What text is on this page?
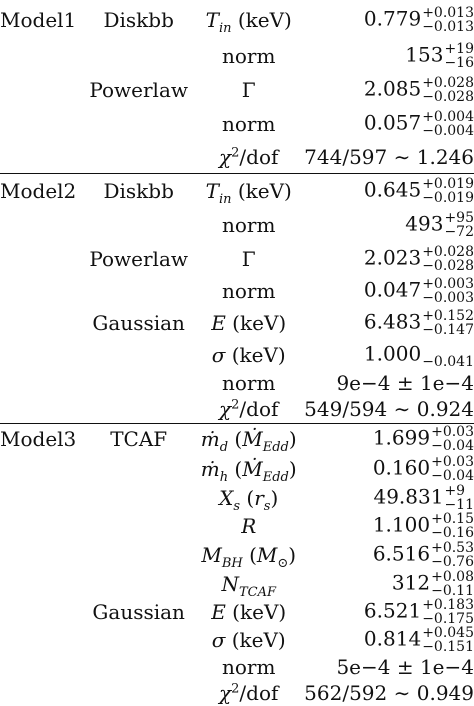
Model1	Diskbb	$T_{in}$ (keV)	0.779 +0.013
−0.013

		norm	153 +19
−16

	Powerlaw	Γ	2.085 +0.028
−0.028

		norm	0.057 +0.004
−0.004

		$\chi^2$/dof	744/597 ∼ 1.246

Model2	Diskbb	$T_{in}$ (keV)	0.645 +0.019
−0.019

		norm	493 +95
−72

	Powerlaw	Γ	2.023 +0.028
−0.028

		norm	0.047 +0.003
−0.003

	Gaussian	E (keV)	6.483 +0.152
−0.147

		σ (keV)	1.000
−0.041

		norm	9e−4 ± 1e−4
		$\chi^2$/dof	549/594 ∼ 0.924

Model3	TCAF	ṁ$_d$ (Ṁ$_{Edd}$)	1.699 +0.03
−0.04

		ṁ$_h$ (Ṁ$_{Edd}$)	0.160 +0.03
−0.04

		$X_s$ $(r_s)$	49.831 +9
−11

		R	1.100 +0.15
−0.16

		$M_{BH}$ $(M_⊙)$	6.516 +0.53
−0.76

		$N_{TCAF}$	312 +0.08
−0.11

	Gaussian	E (keV)	6.521 +0.183
−0.175

		σ (keV)	0.814 +0.045
−0.151

		norm	5e−4 ± 1e−4
		$\chi^2$/dof	562/592 ∼ 0.949
